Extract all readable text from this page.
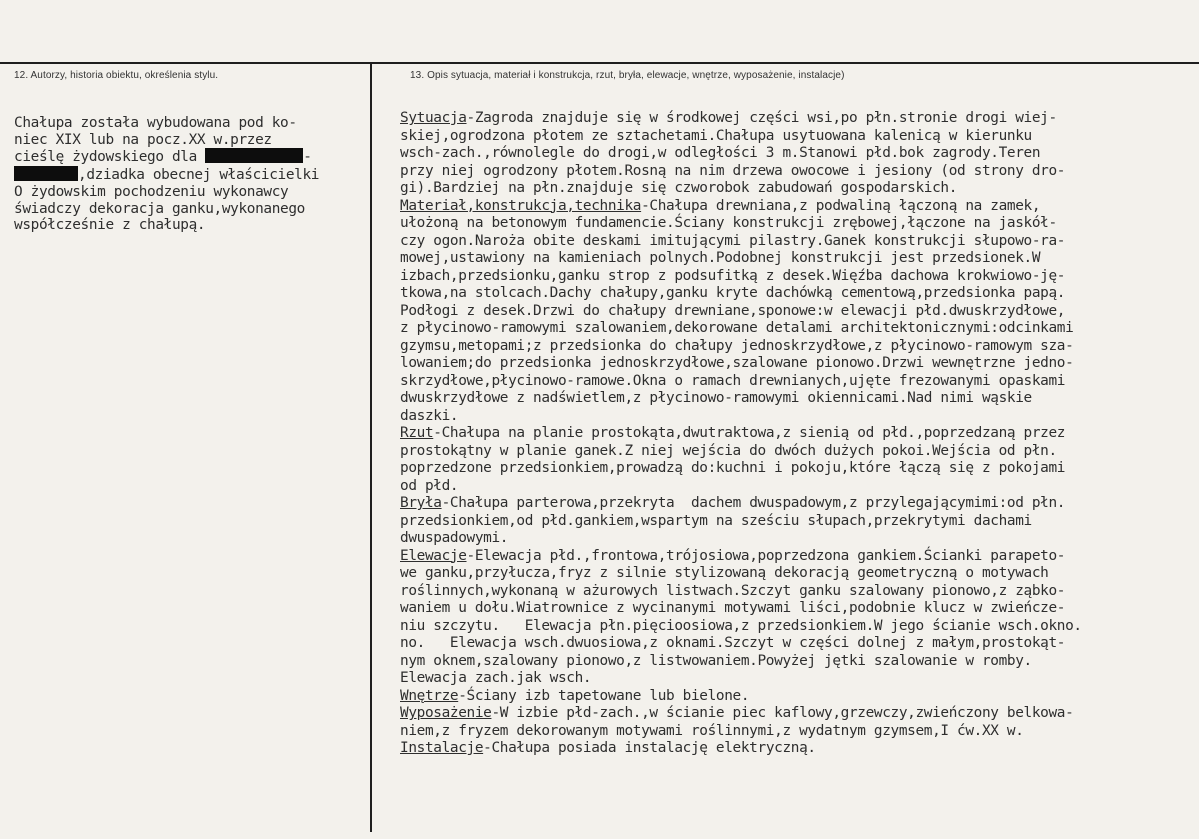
12. Autorzy, historia obiektu, określenia stylu.	13. Opis sytuacja, materiał i konstrukcja, rzut, bryła, elewacje, wnętrze, wyposażenie, instalacje)
Chałupa została wybudowana pod ko-
niec XIX lub na pocz.XX w.przez
cieślę żydowskiego dla	-
,dziadka obecnej właścicielki
O żydowskim pochodzeniu wykonawcy
świadczy dekoracja ganku,wykonanego
współcześnie z chałupą.
Sytuacja-Zagroda znajduje się w środkowej części wsi,po płn.stronie drogi wiej-
skiej,ogrodzona płotem ze sztachetami.Chałupa usytuowana kalenicą w kierunku
wsch-zach.,równolegle do drogi,w odległości 3 m.Stanowi płd.bok zagrody.Teren
przy niej ogrodzony płotem.Rosną na nim drzewa owocowe i jesiony (od strony dro-
gi).Bardziej na płn.znajduje się czworobok zabudowań gospodarskich.
Materiał,konstrukcja,technika-Chałupa drewniana,z podwaliną łączoną na zamek,
ułożoną na betonowym fundamencie.Ściany konstrukcji zrębowej,łączone na jaskół-
czy ogon.Naroża obite deskami imitującymi pilastry.Ganek konstrukcji słupowo-ra-
mowej,ustawiony na kamieniach polnych.Podobnej konstrukcji jest przedsionek.W
izbach,przedsionku,ganku strop z podsufitką z desek.Więźba dachowa krokwiowo-ję-
tkowa,na stolcach.Dachy chałupy,ganku kryte dachówką cementową,przedsionka papą.
Podłogi z desek.Drzwi do chałupy drewniane,sponowe:w elewacji płd.dwuskrzydłowe,
z płycinowo-ramowymi szalowaniem,dekorowane detalami architektonicznymi:odcinkami
gzymsu,metopami;z przedsionka do chałupy jednoskrzydłowe,z płycinowo-ramowym sza-
lowaniem;do przedsionka jednoskrzydłowe,szalowane pionowo.Drzwi wewnętrzne jedno-
skrzydłowe,płycinowo-ramowe.Okna o ramach drewnianych,ujęte frezowanymi opaskami
dwuskrzydłowe z nadświetlem,z płycinowo-ramowymi okiennicami.Nad nimi wąskie
daszki.
Rzut-Chałupa na planie prostokąta,dwutraktowa,z sienią od płd.,poprzedzaną przez
prostokątny w planie ganek.Z niej wejścia do dwóch dużych pokoi.Wejścia od płn.
poprzedzone przedsionkiem,prowadzą do:kuchni i pokoju,które łączą się z pokojami
od płd.
Bryła-Chałupa parterowa,przekryta  dachem dwuspadowym,z przylegającymimi:od płn.
przedsionkiem,od płd.gankiem,wspartym na sześciu słupach,przekrytymi dachami
dwuspadowymi.
Elewacje-Elewacja płd.,frontowa,trójosiowa,poprzedzona gankiem.Ścianki parapeto-
we ganku,przyłucza,fryz z silnie stylizowaną dekoracją geometryczną o motywach
roślinnych,wykonaną w ażurowych listwach.Szczyt ganku szalowany pionowo,z ząbko-
waniem u dołu.Wiatrownice z wycinanymi motywami liści,podobnie klucz w zwieńcze-
niu szczytu.   Elewacja płn.pięcioosiowa,z przedsionkiem.W jego ścianie wsch.okno.
no.   Elewacja wsch.dwuosiowa,z oknami.Szczyt w części dolnej z małym,prostokąt-
nym oknem,szalowany pionowo,z listwowaniem.Powyżej jętki szalowanie w romby.
Elewacja zach.jak wsch.
Wnętrze-Ściany izb tapetowane lub bielone.
Wyposażenie-W izbie płd-zach.,w ścianie piec kaflowy,grzewczy,zwieńczony belkowa-
niem,z fryzem dekorowanym motywami roślinnymi,z wydatnym gzymsem,I ćw.XX w.
Instalacje-Chałupa posiada instalację elektryczną.
